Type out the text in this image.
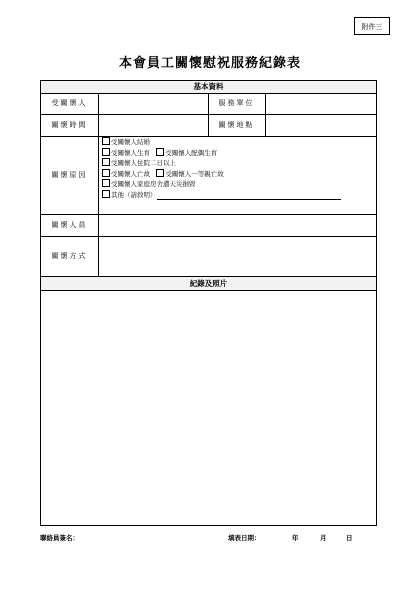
附件三
本會員工關懷慰祝服務紀錄表
基本資料
受關懷人	服務單位
關懷時間	關懷地點
關懷原因
受關懷人結婚
受關懷人生育 受關懷人配偶生育
受關懷人住院二日以上
受關懷人亡故 受關懷人一等親亡故
受關懷人家庭房舍遭天災損毀
其他（請敘明）
關懷人員
關懷方式
紀錄及照片
聯絡員簽名：	填表日期：	年	月	日
